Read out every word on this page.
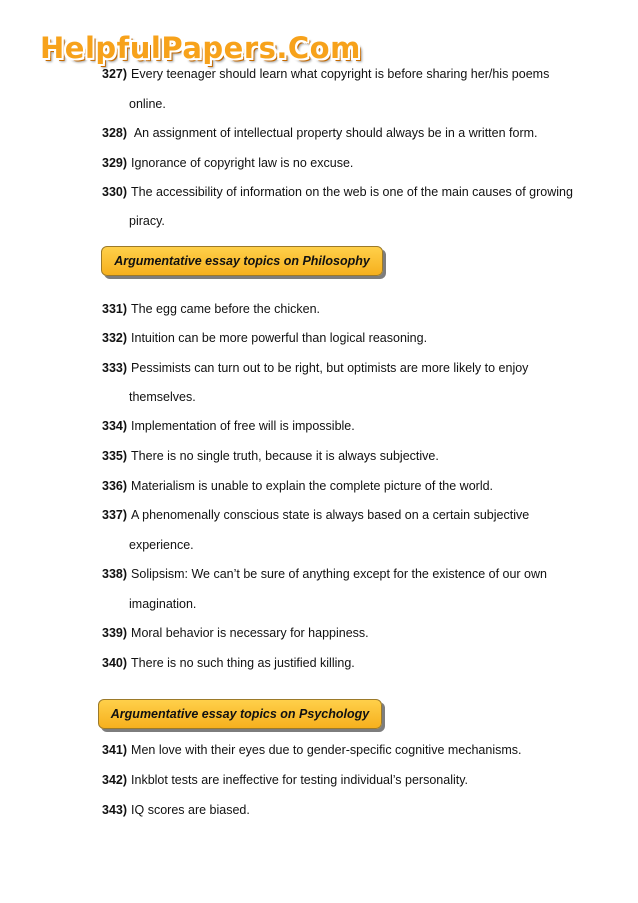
HelpfulPapers.Com
327) Every teenager should learn what copyright is before sharing her/his poems
online.
328) An assignment of intellectual property should always be in a written form.
329) Ignorance of copyright law is no excuse.
330) The accessibility of information on the web is one of the main causes of growing
piracy.
Argumentative essay topics on Philosophy
331) The egg came before the chicken.
332) Intuition can be more powerful than logical reasoning.
333) Pessimists can turn out to be right, but optimists are more likely to enjoy
themselves.
334) Implementation of free will is impossible.
335) There is no single truth, because it is always subjective.
336) Materialism is unable to explain the complete picture of the world.
337) A phenomenally conscious state is always based on a certain subjective
experience.
338) Solipsism: We can’t be sure of anything except for the existence of our own
imagination.
339) Moral behavior is necessary for happiness.
340) There is no such thing as justified killing.
Argumentative essay topics on Psychology
341) Men love with their eyes due to gender-specific cognitive mechanisms.
342) Inkblot tests are ineffective for testing individual’s personality.
343) IQ scores are biased.
